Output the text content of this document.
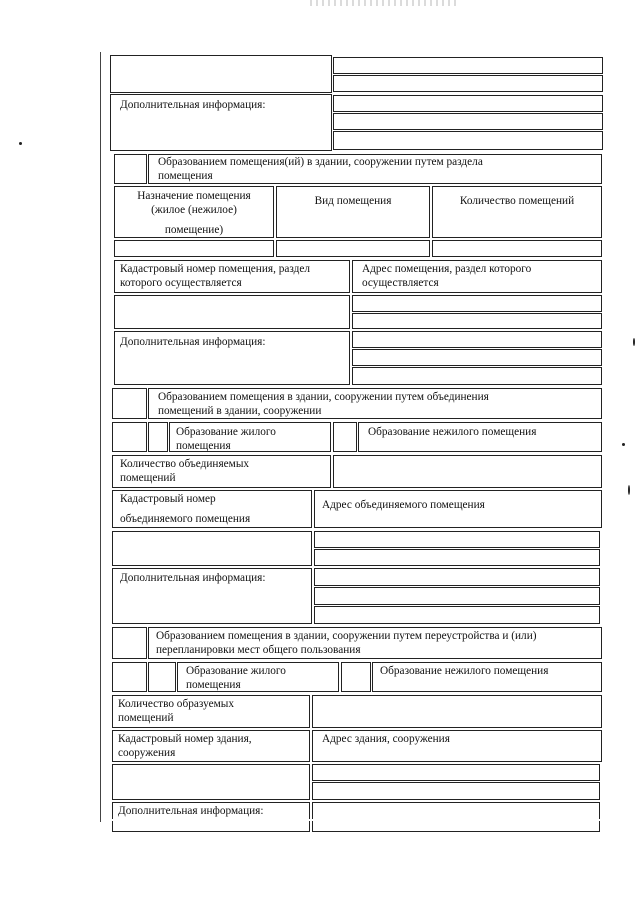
Дополнительная информация:
Образованием помещения(ий) в здании, сооружении путем раздела
помещения
Назначение помещения
(жилое (нежилое)
помещение)
Вид помещения	Количество помещений
Кадастровый номер помещения, раздел
которого осуществляется
Адрес помещения, раздел которого
осуществляется
Дополнительная информация:
Образованием помещения в здании, сооружении путем объединения
помещений в здании, сооружении
Образование жилого
помещения
Образование нежилого помещения
Количество объединяемых
помещений
Кадастровый номер
объединяемого помещения
Адрес объединяемого помещения
Дополнительная информация:
Образованием помещения в здании, сооружении путем переустройства и (или)
перепланировки мест общего пользования
Образование жилого
помещения
Образование нежилого помещения
Количество образуемых
помещений
Кадастровый номер здания,
сооружения
Адрес здания, сооружения
Дополнительная информация:
